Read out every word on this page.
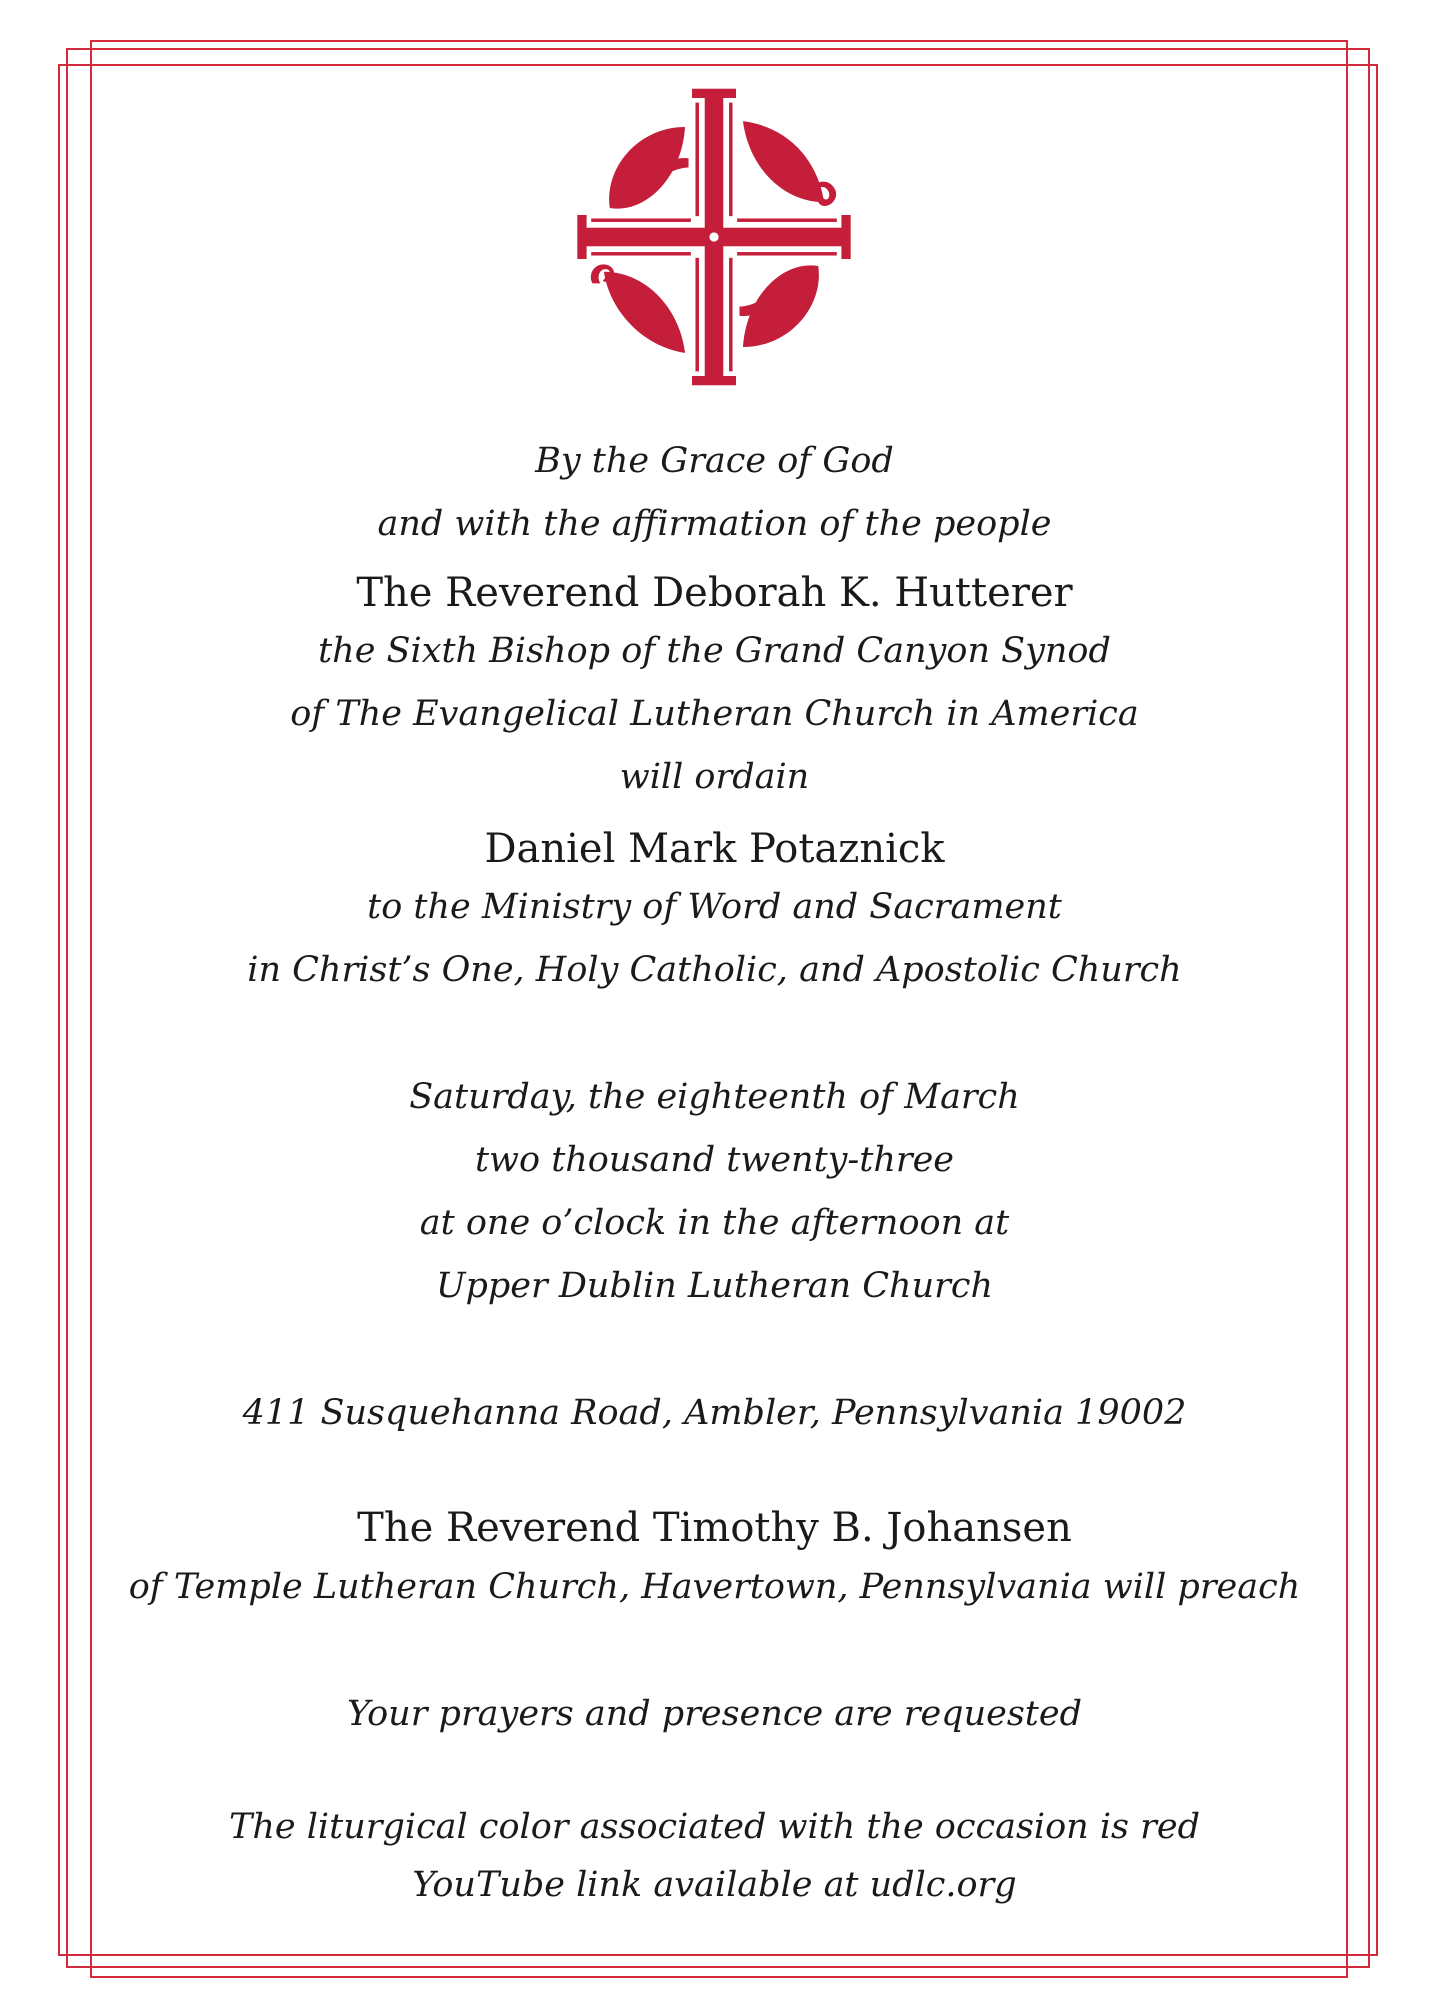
By the Grace of God
and with the affirmation of the people
The Reverend Deborah K. Hutterer
the Sixth Bishop of the Grand Canyon Synod
of The Evangelical Lutheran Church in America
will ordain
Daniel Mark Potaznick
to the Ministry of Word and Sacrament
in Christ’s One, Holy Catholic, and Apostolic Church
Saturday, the eighteenth of March
two thousand twenty-three
at one o’clock in the afternoon at
Upper Dublin Lutheran Church
411 Susquehanna Road, Ambler, Pennsylvania 19002
The Reverend Timothy B. Johansen
of Temple Lutheran Church, Havertown, Pennsylvania will preach
Your prayers and presence are requested
The liturgical color associated with the occasion is red
YouTube link available at udlc.org
